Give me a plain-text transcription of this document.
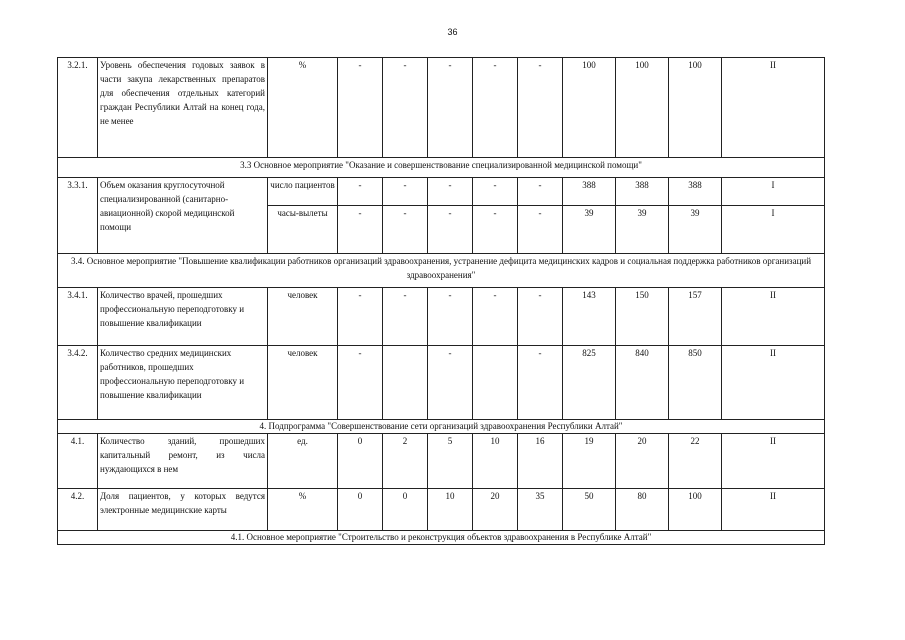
36
3.2.1.	Уровень обеспечения годовых заявок в части закупа лекарственных препаратов для обеспечения отдельных категорий граждан Республики Алтай на конец года, не менее	%	-	-	-	-	-	100	100	100	II
3.3 Основное мероприятие "Оказание и совершенствование специализированной медицинской помощи"											
3.3.1.	Объем оказания круглосуточной специализированной (санитарно-авиационной) скорой медицинской помощи	число пациентов	-	-	-	-	-	388	388	388	I
		часы-вылеты	-	-	-	-	-	39	39	39	I
3.4. Основное мероприятие "Повышение квалификации работников организаций здравоохранения, устранение дефицита медицинских кадров и социальная поддержка работников организаций здравоохранения"											
3.4.1.	Количество врачей, прошедших профессиональную переподготовку и повышение квалификации	человек	-	-	-	-	-	143	150	157	II
3.4.2.	Количество средних медицинских работников, прошедших профессиональную переподготовку и повышение квалификации	человек	-		-		-	825	840	850	II
4. Подпрограмма "Совершенствование сети организаций здравоохранения Республики Алтай"											
4.1.	Количество зданий, прошедших капитальный ремонт, из числа нуждающихся в нем	ед.	0	2	5	10	16	19	20	22	II
4.2.	Доля пациентов, у которых ведутся электронные медицинские карты	%	0	0	10	20	35	50	80	100	II
4.1. Основное мероприятие "Строительство и реконструкция объектов здравоохранения в Республике Алтай"											
